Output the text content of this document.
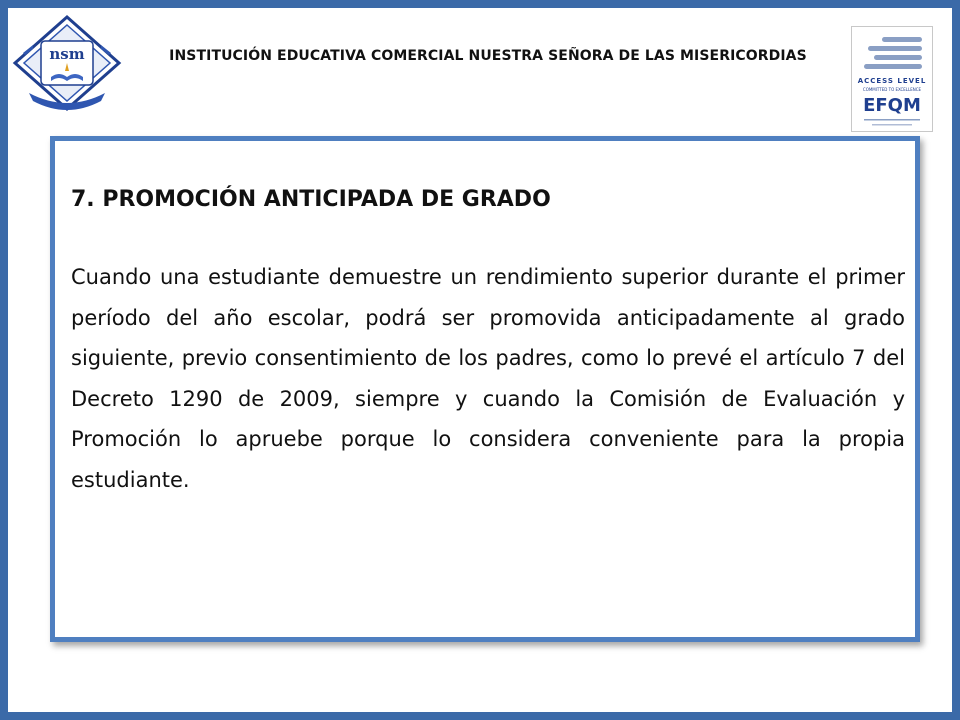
nsm	INSTITUCIÓN EDUCATIVA COMERCIAL NUESTRA SEÑORA DE LAS MISERICORDIAS
ACCESS LEVEL
COMMITTED TO EXCELLENCE
EFQM
7. PROMOCIÓN ANTICIPADA DE GRADO

Cuando una estudiante demuestre un rendimiento superior durante el primer período del año escolar, podrá ser promovida anticipadamente al grado siguiente, previo consentimiento de los padres, como lo prevé el artículo 7 del Decreto 1290 de 2009, siempre y cuando la Comisión de Evaluación y Promoción lo apruebe porque lo considera conveniente para la propia estudiante.
